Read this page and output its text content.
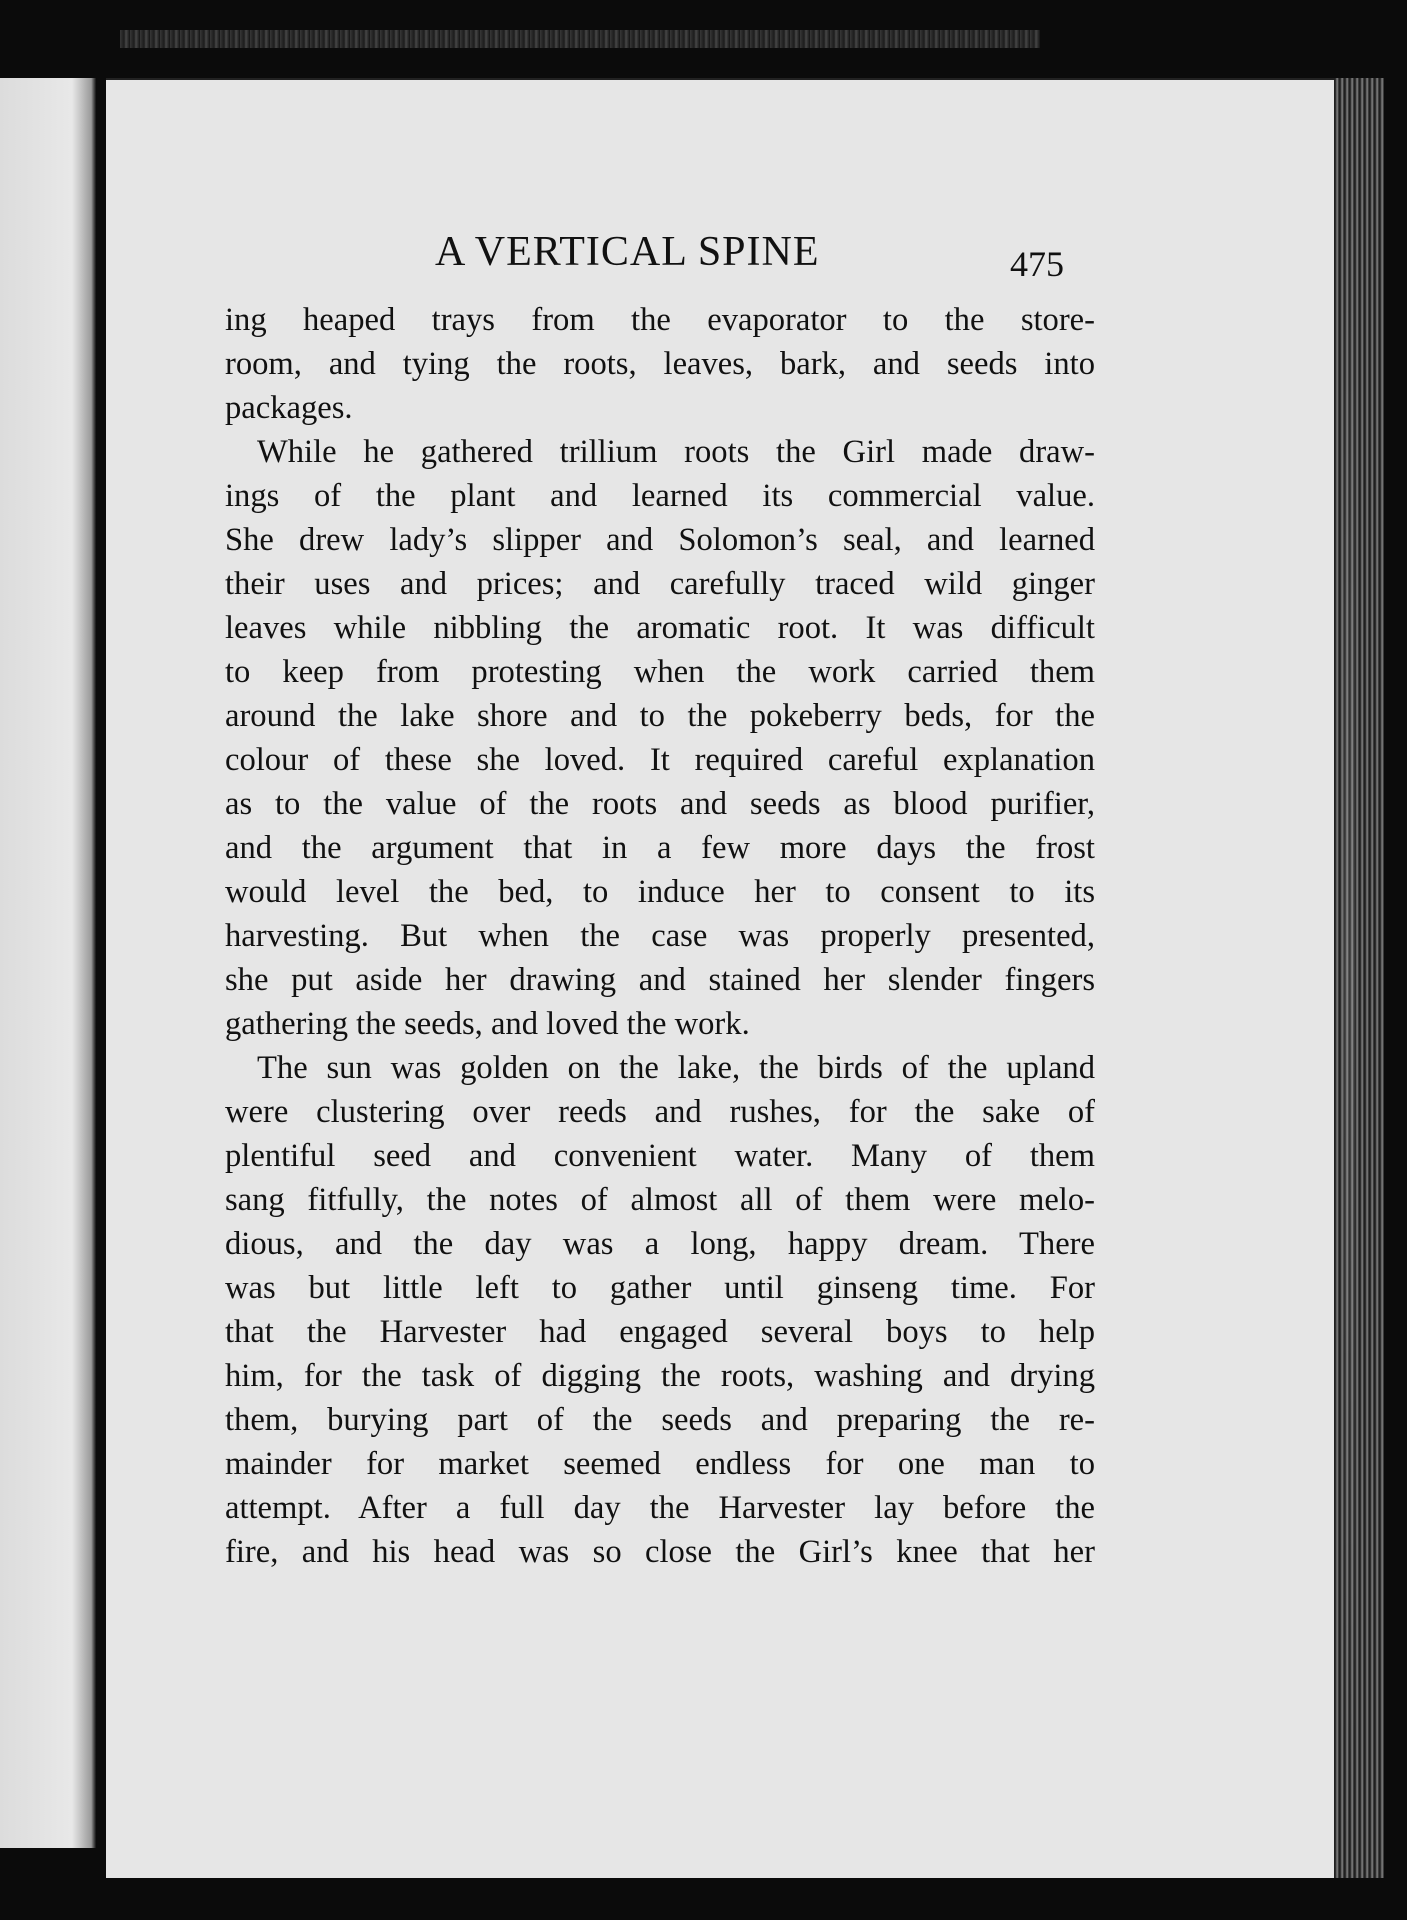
A VERTICAL SPINE	475
ing heaped trays from the evaporator to the store-
room, and tying the roots, leaves, bark, and seeds into
packages.
While he gathered trillium roots the Girl made draw-
ings of the plant and learned its commercial value.
She drew lady’s slipper and Solomon’s seal, and learned
their uses and prices; and carefully traced wild ginger
leaves while nibbling the aromatic root. It was difficult
to keep from protesting when the work carried them
around the lake shore and to the pokeberry beds, for the
colour of these she loved. It required careful explanation
as to the value of the roots and seeds as blood purifier,
and the argument that in a few more days the frost
would level the bed, to induce her to consent to its
harvesting. But when the case was properly presented,
she put aside her drawing and stained her slender fingers
gathering the seeds, and loved the work.
The sun was golden on the lake, the birds of the upland
were clustering over reeds and rushes, for the sake of
plentiful seed and convenient water. Many of them
sang fitfully, the notes of almost all of them were melo-
dious, and the day was a long, happy dream. There
was but little left to gather until ginseng time. For
that the Harvester had engaged several boys to help
him, for the task of digging the roots, washing and drying
them, burying part of the seeds and preparing the re-
mainder for market seemed endless for one man to
attempt. After a full day the Harvester lay before the
fire, and his head was so close the Girl’s knee that her
